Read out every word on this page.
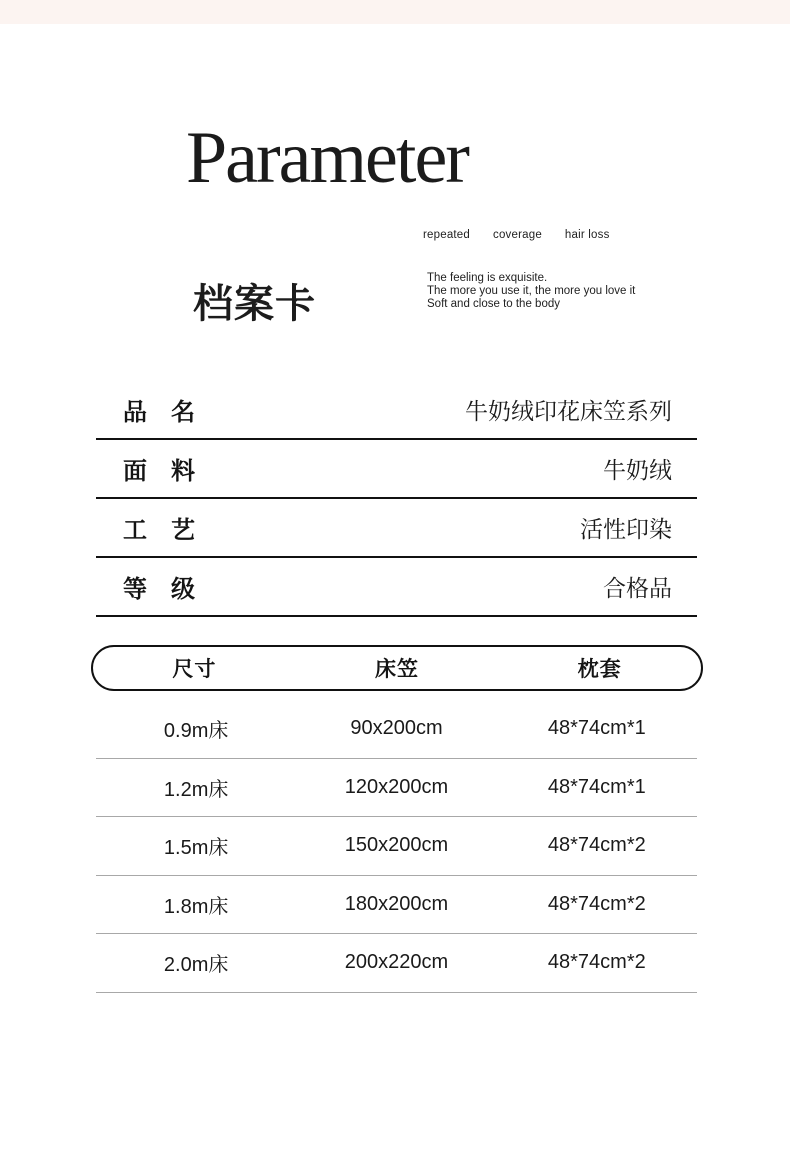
Parameter
repeated coverage hair loss
档案卡
The feeling is exquisite.
The more you use it, the more you love it
Soft and close to the body
品　名	牛奶绒印花床笠系列
面　料	牛奶绒
工　艺	活性印染
等　级	合格品
尺寸	床笠	枕套
0.9m床	90x200cm	48*74cm*1
1.2m床	120x200cm	48*74cm*1
1.5m床	150x200cm	48*74cm*2
1.8m床	180x200cm	48*74cm*2
2.0m床	200x220cm	48*74cm*2
